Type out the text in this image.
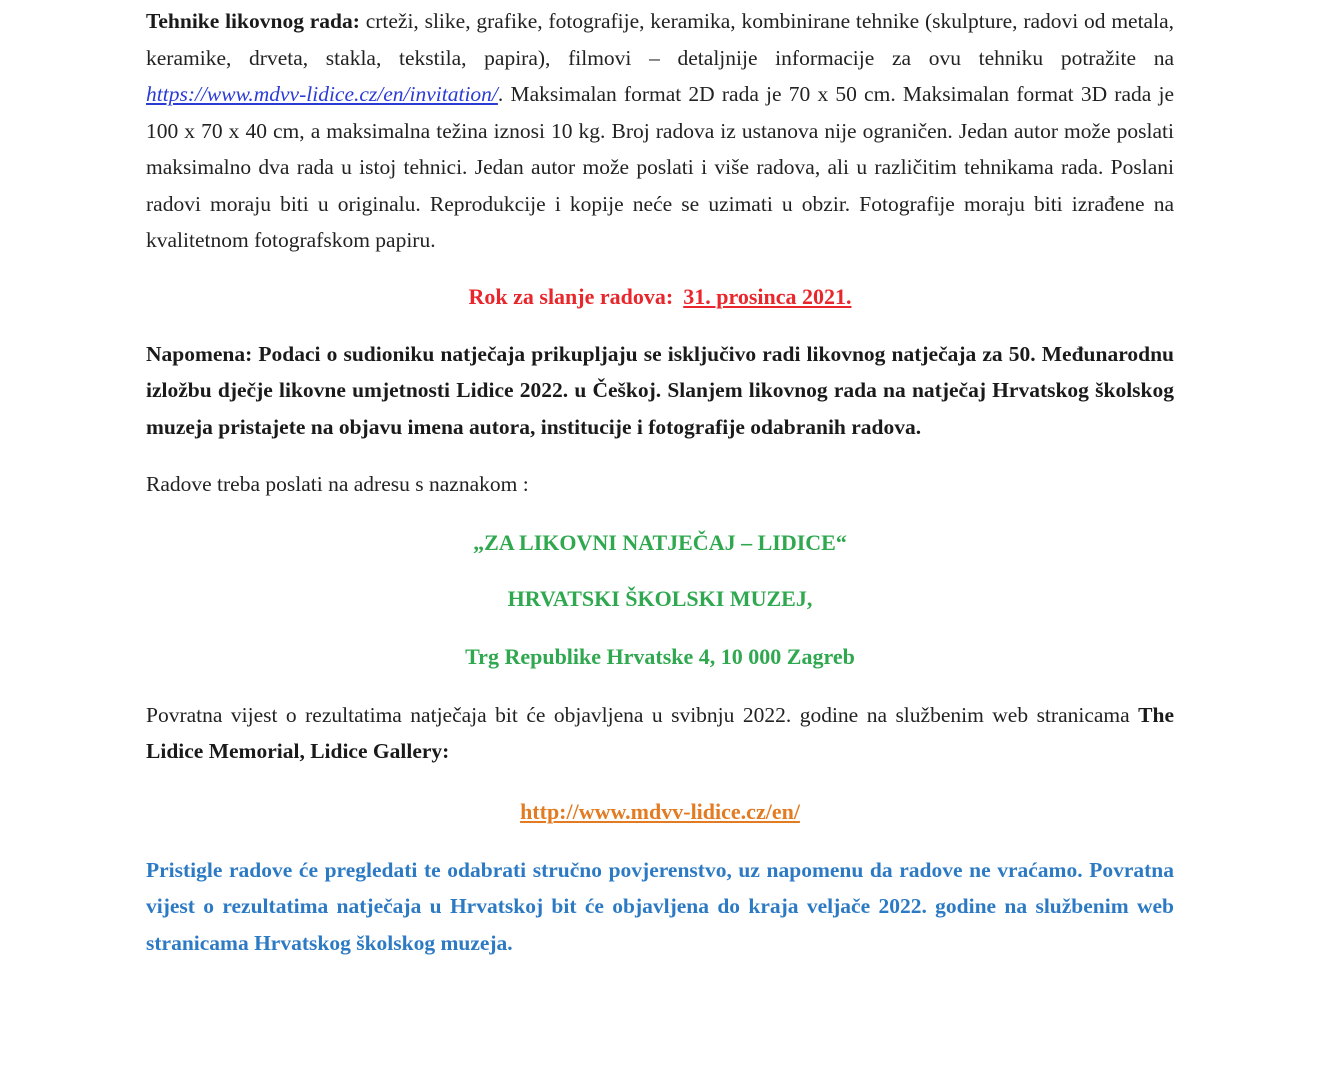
Tehnike likovnog rada: crteži, slike, grafike, fotografije, keramika, kombinirane tehnike (skulpture, radovi od metala, keramike, drveta, stakla, tekstila, papira), filmovi – detaljnije informacije za ovu tehniku potražite na https://www.mdvv-lidice.cz/en/invitation/. Maksimalan format 2D rada je 70 x 50 cm. Maksimalan format 3D rada je 100 x 70 x 40 cm, a maksimalna težina iznosi 10 kg. Broj radova iz ustanova nije ograničen. Jedan autor može poslati maksimalno dva rada u istoj tehnici. Jedan autor može poslati i više radova, ali u različitim tehnikama rada. Poslani radovi moraju biti u originalu. Reprodukcije i kopije neće se uzimati u obzir. Fotografije moraju biti izrađene na kvalitetnom fotografskom papiru.

Rok za slanje radova: 31. prosinca 2021.

Napomena: Podaci o sudioniku natječaja prikupljaju se isključivo radi likovnog natječaja za 50. Međunarodnu izložbu dječje likovne umjetnosti Lidice 2022. u Češkoj. Slanjem likovnog rada na natječaj Hrvatskog školskog muzeja pristajete na objavu imena autora, institucije i fotografije odabranih radova.

Radove treba poslati na adresu s naznakom :

„ZA LIKOVNI NATJEČAJ – LIDICE“

HRVATSKI ŠKOLSKI MUZEJ,

Trg Republike Hrvatske 4, 10 000 Zagreb

Povratna vijest o rezultatima natječaja bit će objavljena u svibnju 2022. godine na službenim web stranicama The Lidice Memorial, Lidice Gallery:

http://www.mdvv-lidice.cz/en/

Pristigle radove će pregledati te odabrati stručno povjerenstvo, uz napomenu da radove ne vraćamo. Povratna vijest o rezultatima natječaja u Hrvatskoj bit će objavljena do kraja veljače 2022. godine na službenim web stranicama Hrvatskog školskog muzeja.
